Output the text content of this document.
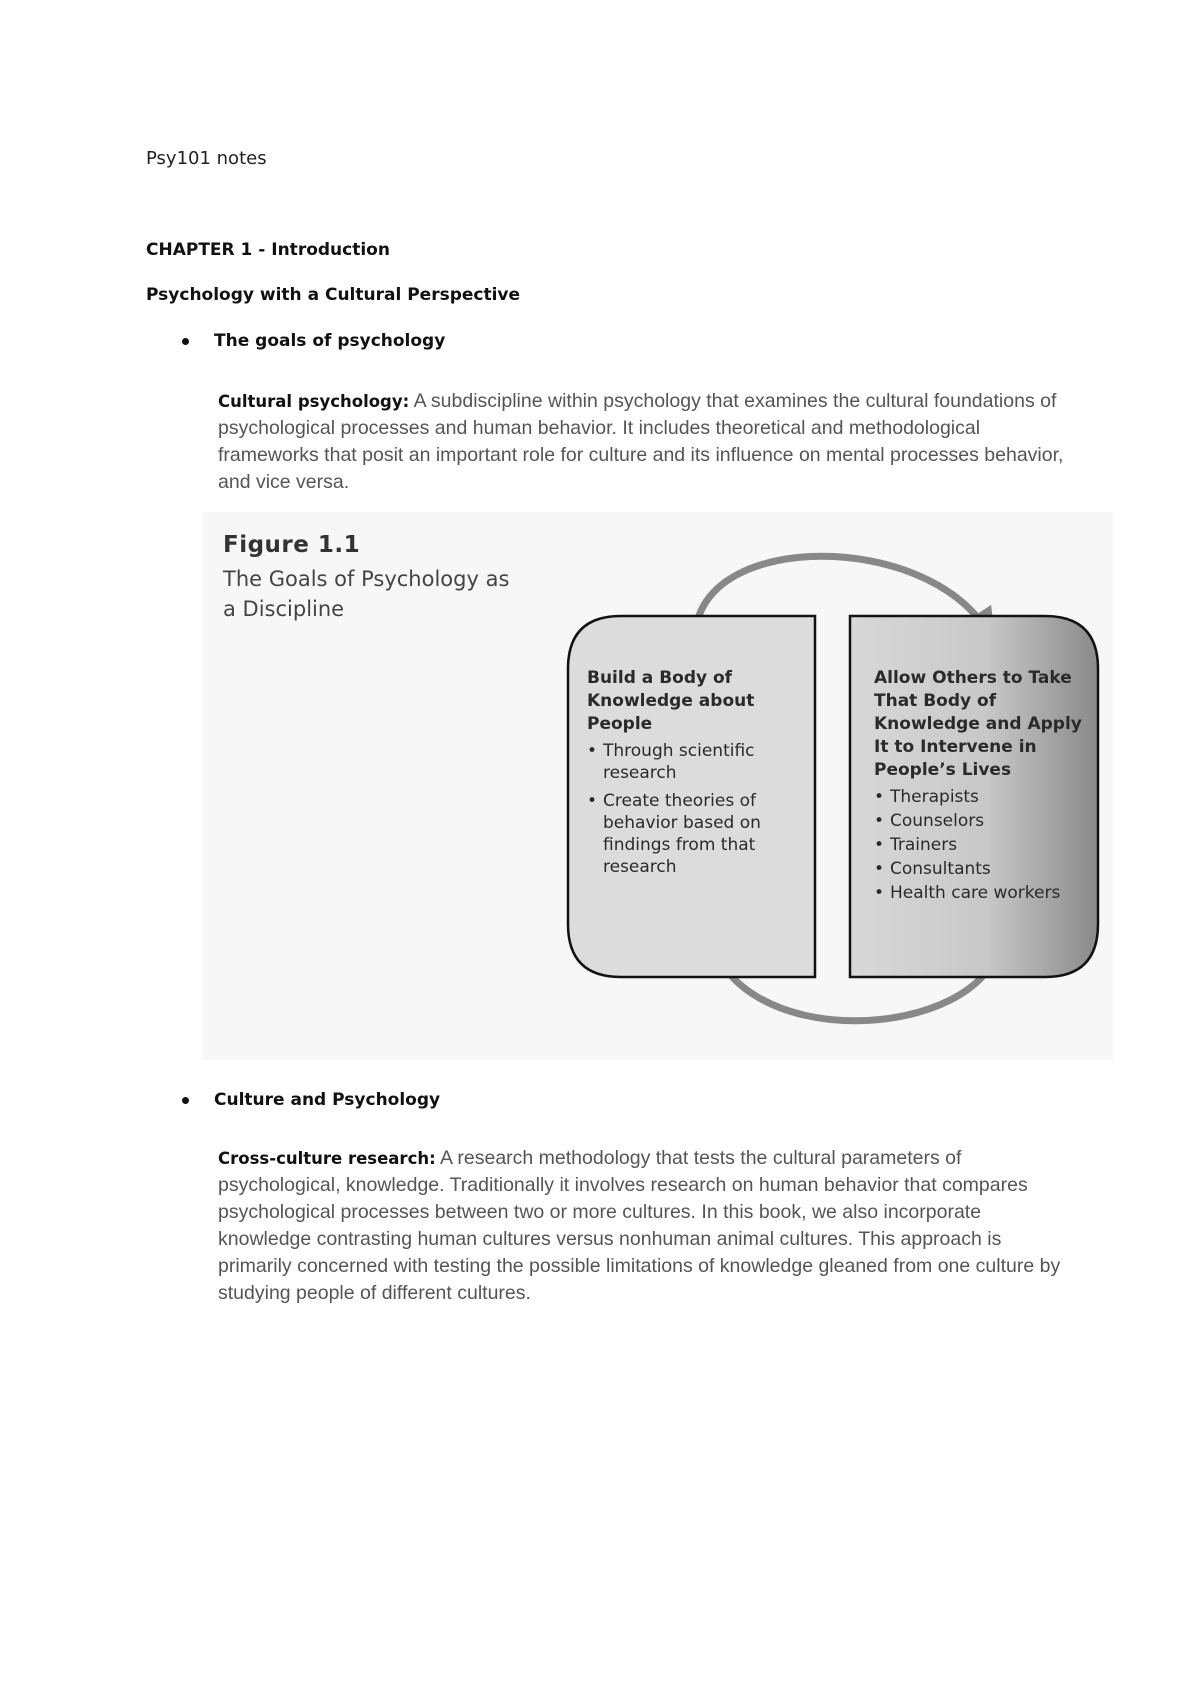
Psy101 notes
CHAPTER 1 - Introduction
Psychology with a Cultural Perspective
The goals of psychology
Cultural psychology: A subdiscipline within psychology that examines the cultural foundations of psychological processes and human behavior. It includes theoretical and methodological frameworks that posit an important role for culture and its influence on mental processes behavior, and vice versa.
Figure 1.1
The Goals of Psychology as a Discipline
Build a Body of Knowledge about People
• Through scientific research
• Create theories of behavior based on findings from that research
Allow Others to Take That Body of Knowledge and Apply It to Intervene in People’s Lives
• Therapists
• Counselors
• Trainers
• Consultants
• Health care workers
Culture and Psychology
Cross-culture research: A research methodology that tests the cultural parameters of psychological, knowledge. Traditionally it involves research on human behavior that compares psychological processes between two or more cultures. In this book, we also incorporate knowledge contrasting human cultures versus nonhuman animal cultures. This approach is primarily concerned with testing the possible limitations of knowledge gleaned from one culture by studying people of different cultures.
